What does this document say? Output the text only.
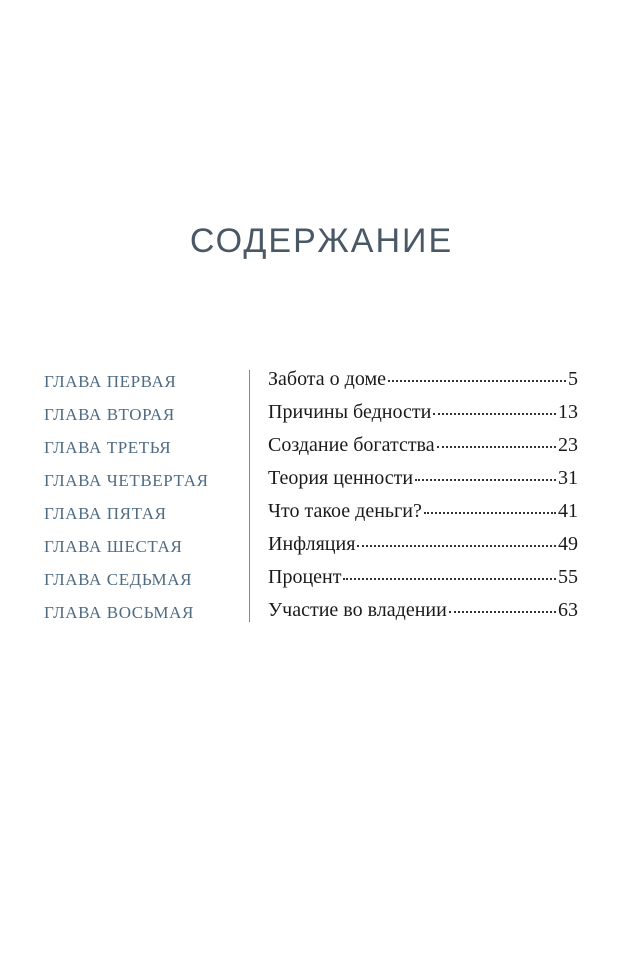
СОДЕРЖАНИЕ
ГЛАВА ПЕРВАЯ	Забота о доме	5
ГЛАВА ВТОРАЯ	Причины бедности	13
ГЛАВА ТРЕТЬЯ	Создание богатства	23
ГЛАВА ЧЕТВЕРТАЯ	Теория ценности	31
ГЛАВА ПЯТАЯ	Что такое деньги?	41
ГЛАВА ШЕСТАЯ	Инфляция	49
ГЛАВА СЕДЬМАЯ	Процент	55
ГЛАВА ВОСЬМАЯ	Участие во владении	63
